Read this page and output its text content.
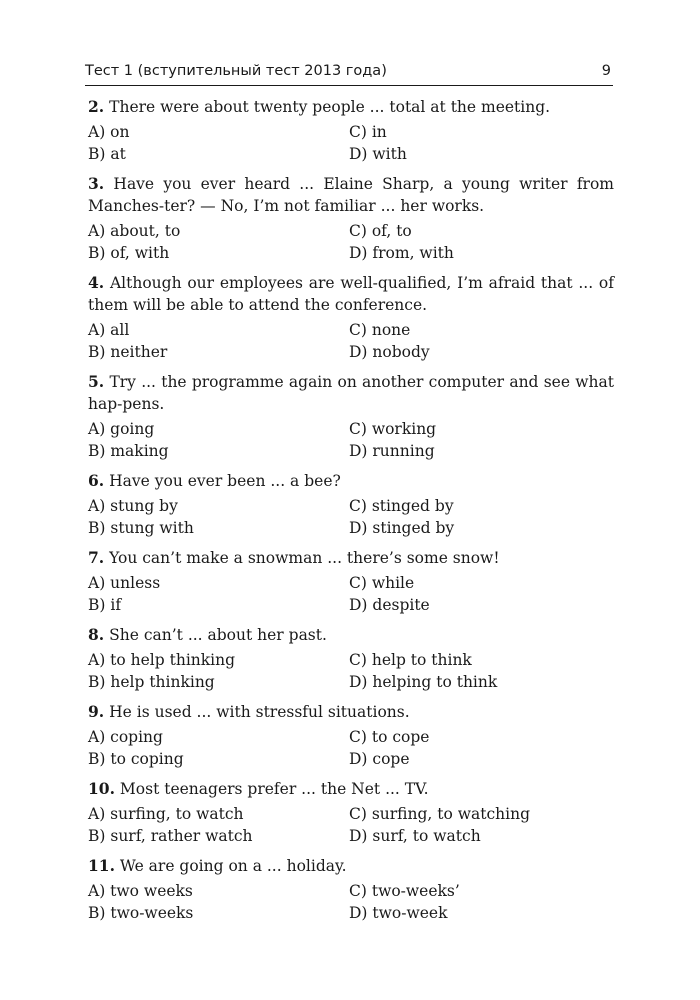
Тест 1 (вступительный тест 2013 года)	9
2. There were about twenty people ... total at the meeting.
A) on	C) in
B) at	D) with
3. Have you ever heard ... Elaine Sharp, a young writer from Manches-ter? — No, I’m not familiar ... her works.
A) about, to	C) of, to
B) of, with	D) from, with
4. Although our employees are well-qualified, I’m afraid that ... of them will be able to attend the conference.
A) all	C) none
B) neither	D) nobody
5. Try ... the programme again on another computer and see what hap-pens.
A) going	C) working
B) making	D) running
6. Have you ever been ... a bee?
A) stung by	C) stinged by
B) stung with	D) stinged by
7. You can’t make a snowman ... there’s some snow!
A) unless	C) while
B) if	D) despite
8. She can’t ... about her past.
A) to help thinking	C) help to think
B) help thinking	D) helping to think
9. He is used ... with stressful situations.
A) coping	C) to cope
B) to coping	D) cope
10. Most teenagers prefer ... the Net ... TV.
A) surfing, to watch	C) surfing, to watching
B) surf, rather watch	D) surf, to watch
11. We are going on a ... holiday.
A) two weeks	C) two-weeks’
B) two-weeks	D) two-week
